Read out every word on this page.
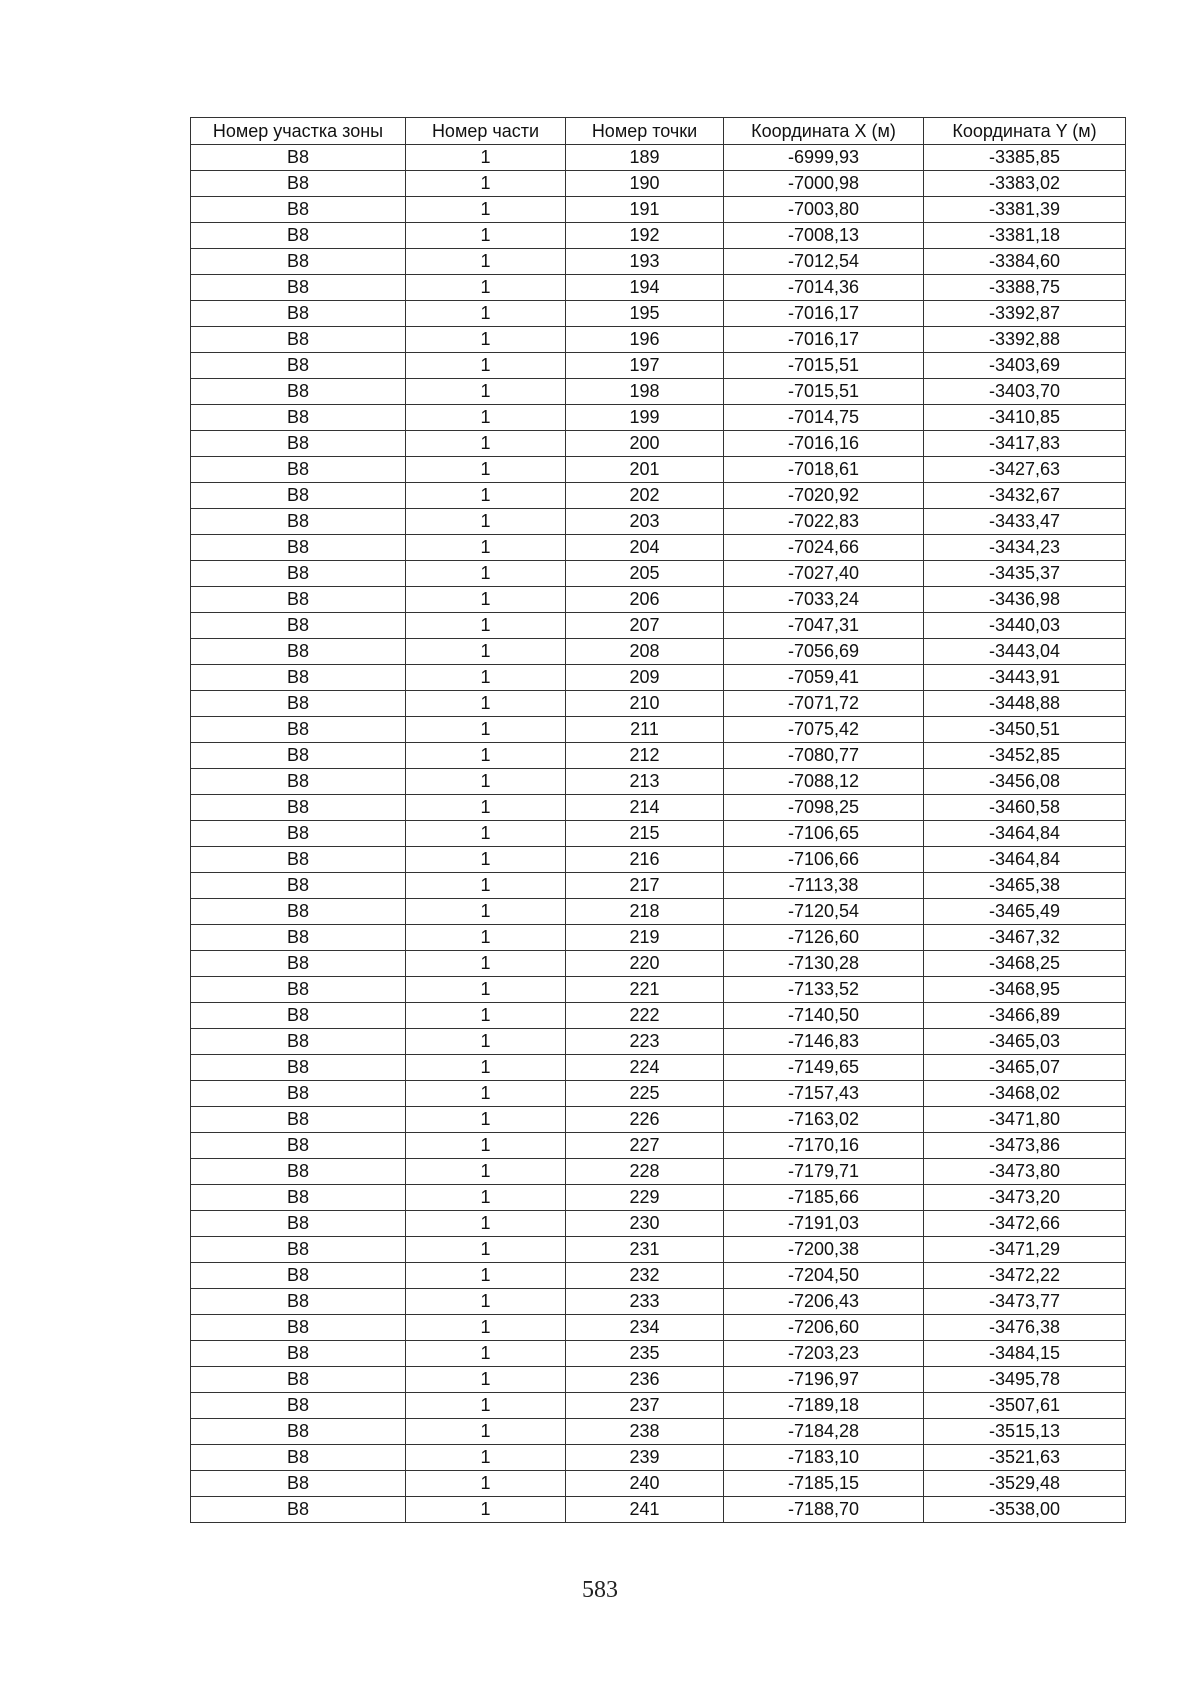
Номер участка зоны	Номер части	Номер точки	Координата X (м)	Координата Y (м)
В8	1	189	-6999,93	-3385,85
В8	1	190	-7000,98	-3383,02
В8	1	191	-7003,80	-3381,39
В8	1	192	-7008,13	-3381,18
В8	1	193	-7012,54	-3384,60
В8	1	194	-7014,36	-3388,75
В8	1	195	-7016,17	-3392,87
В8	1	196	-7016,17	-3392,88
В8	1	197	-7015,51	-3403,69
В8	1	198	-7015,51	-3403,70
В8	1	199	-7014,75	-3410,85
В8	1	200	-7016,16	-3417,83
В8	1	201	-7018,61	-3427,63
В8	1	202	-7020,92	-3432,67
В8	1	203	-7022,83	-3433,47
В8	1	204	-7024,66	-3434,23
В8	1	205	-7027,40	-3435,37
В8	1	206	-7033,24	-3436,98
В8	1	207	-7047,31	-3440,03
В8	1	208	-7056,69	-3443,04
В8	1	209	-7059,41	-3443,91
В8	1	210	-7071,72	-3448,88
В8	1	211	-7075,42	-3450,51
В8	1	212	-7080,77	-3452,85
В8	1	213	-7088,12	-3456,08
В8	1	214	-7098,25	-3460,58
В8	1	215	-7106,65	-3464,84
В8	1	216	-7106,66	-3464,84
В8	1	217	-7113,38	-3465,38
В8	1	218	-7120,54	-3465,49
В8	1	219	-7126,60	-3467,32
В8	1	220	-7130,28	-3468,25
В8	1	221	-7133,52	-3468,95
В8	1	222	-7140,50	-3466,89
В8	1	223	-7146,83	-3465,03
В8	1	224	-7149,65	-3465,07
В8	1	225	-7157,43	-3468,02
В8	1	226	-7163,02	-3471,80
В8	1	227	-7170,16	-3473,86
В8	1	228	-7179,71	-3473,80
В8	1	229	-7185,66	-3473,20
В8	1	230	-7191,03	-3472,66
В8	1	231	-7200,38	-3471,29
В8	1	232	-7204,50	-3472,22
В8	1	233	-7206,43	-3473,77
В8	1	234	-7206,60	-3476,38
В8	1	235	-7203,23	-3484,15
В8	1	236	-7196,97	-3495,78
В8	1	237	-7189,18	-3507,61
В8	1	238	-7184,28	-3515,13
В8	1	239	-7183,10	-3521,63
В8	1	240	-7185,15	-3529,48
В8	1	241	-7188,70	-3538,00
583
